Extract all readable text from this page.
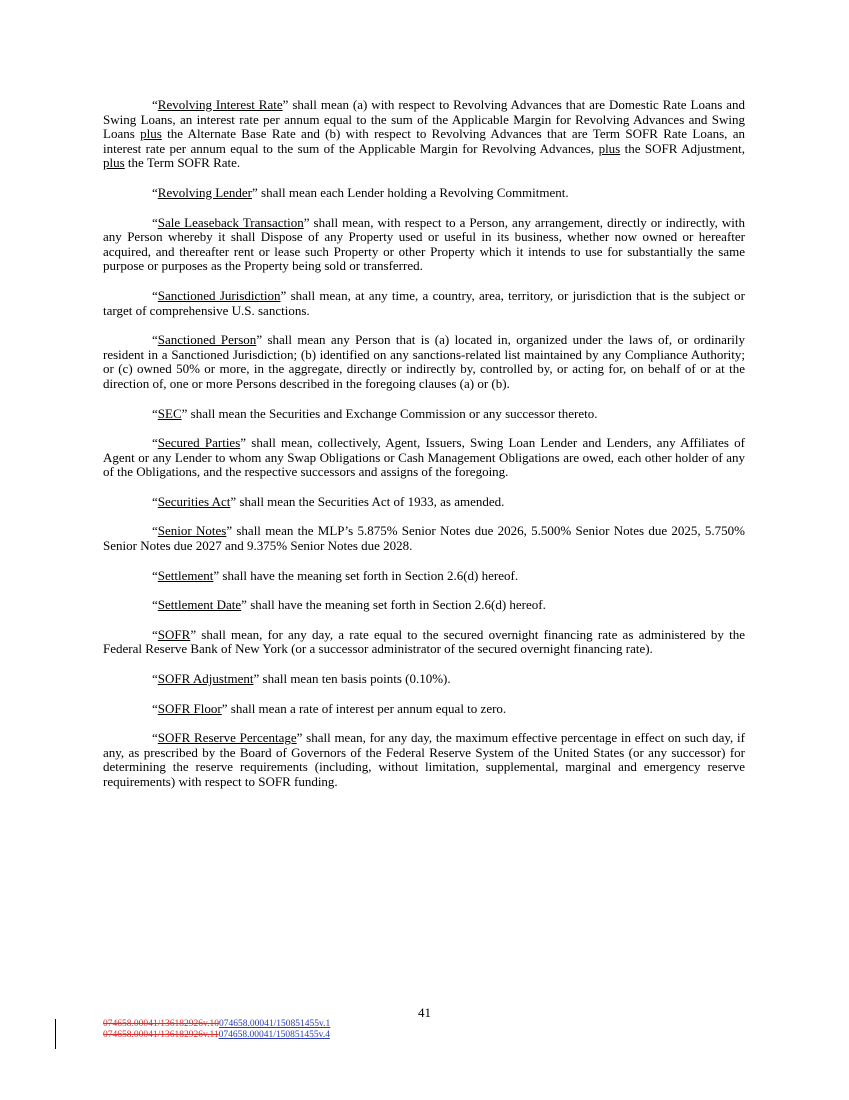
“Revolving Interest Rate” shall mean (a) with respect to Revolving Advances that are Domestic Rate Loans and Swing Loans, an interest rate per annum equal to the sum of the Applicable Margin for Revolving Advances and Swing Loans plus the Alternate Base Rate and (b) with respect to Revolving Advances that are Term SOFR Rate Loans, an interest rate per annum equal to the sum of the Applicable Margin for Revolving Advances, plus the SOFR Adjustment, plus the Term SOFR Rate.

“Revolving Lender” shall mean each Lender holding a Revolving Commitment.

“Sale Leaseback Transaction” shall mean, with respect to a Person, any arrangement, directly or indirectly, with any Person whereby it shall Dispose of any Property used or useful in its business, whether now owned or hereafter acquired, and thereafter rent or lease such Property or other Property which it intends to use for substantially the same purpose or purposes as the Property being sold or transferred.

“Sanctioned Jurisdiction” shall mean, at any time, a country, area, territory, or jurisdiction that is the subject or target of comprehensive U.S. sanctions.

“Sanctioned Person” shall mean any Person that is (a) located in, organized under the laws of, or ordinarily resident in a Sanctioned Jurisdiction; (b) identified on any sanctions-related list maintained by any Compliance Authority; or (c) owned 50% or more, in the aggregate, directly or indirectly by, controlled by, or acting for, on behalf of or at the direction of, one or more Persons described in the foregoing clauses (a) or (b).

“SEC” shall mean the Securities and Exchange Commission or any successor thereto.

“Secured Parties” shall mean, collectively, Agent, Issuers, Swing Loan Lender and Lenders, any Affiliates of Agent or any Lender to whom any Swap Obligations or Cash Management Obligations are owed, each other holder of any of the Obligations, and the respective successors and assigns of the foregoing.

“Securities Act” shall mean the Securities Act of 1933, as amended.

“Senior Notes” shall mean the MLP’s 5.875% Senior Notes due 2026, 5.500% Senior Notes due 2025, 5.750% Senior Notes due 2027 and 9.375% Senior Notes due 2028.

“Settlement” shall have the meaning set forth in Section 2.6(d) hereof.

“Settlement Date” shall have the meaning set forth in Section 2.6(d) hereof.

“SOFR” shall mean, for any day, a rate equal to the secured overnight financing rate as administered by the Federal Reserve Bank of New York (or a successor administrator of the secured overnight financing rate).

“SOFR Adjustment” shall mean ten basis points (0.10%).

“SOFR Floor” shall mean a rate of interest per annum equal to zero.

“SOFR Reserve Percentage” shall mean, for any day, the maximum effective percentage in effect on such day, if any, as prescribed by the Board of Governors of the Federal Reserve System of the United States (or any successor) for determining the reserve requirements (including, without limitation, supplemental, marginal and emergency reserve requirements) with respect to SOFR funding.

41
074658.00041/136182926v.10074658.00041/150851455v.1
074658.00041/136182926v.11074658.00041/150851455v.4
